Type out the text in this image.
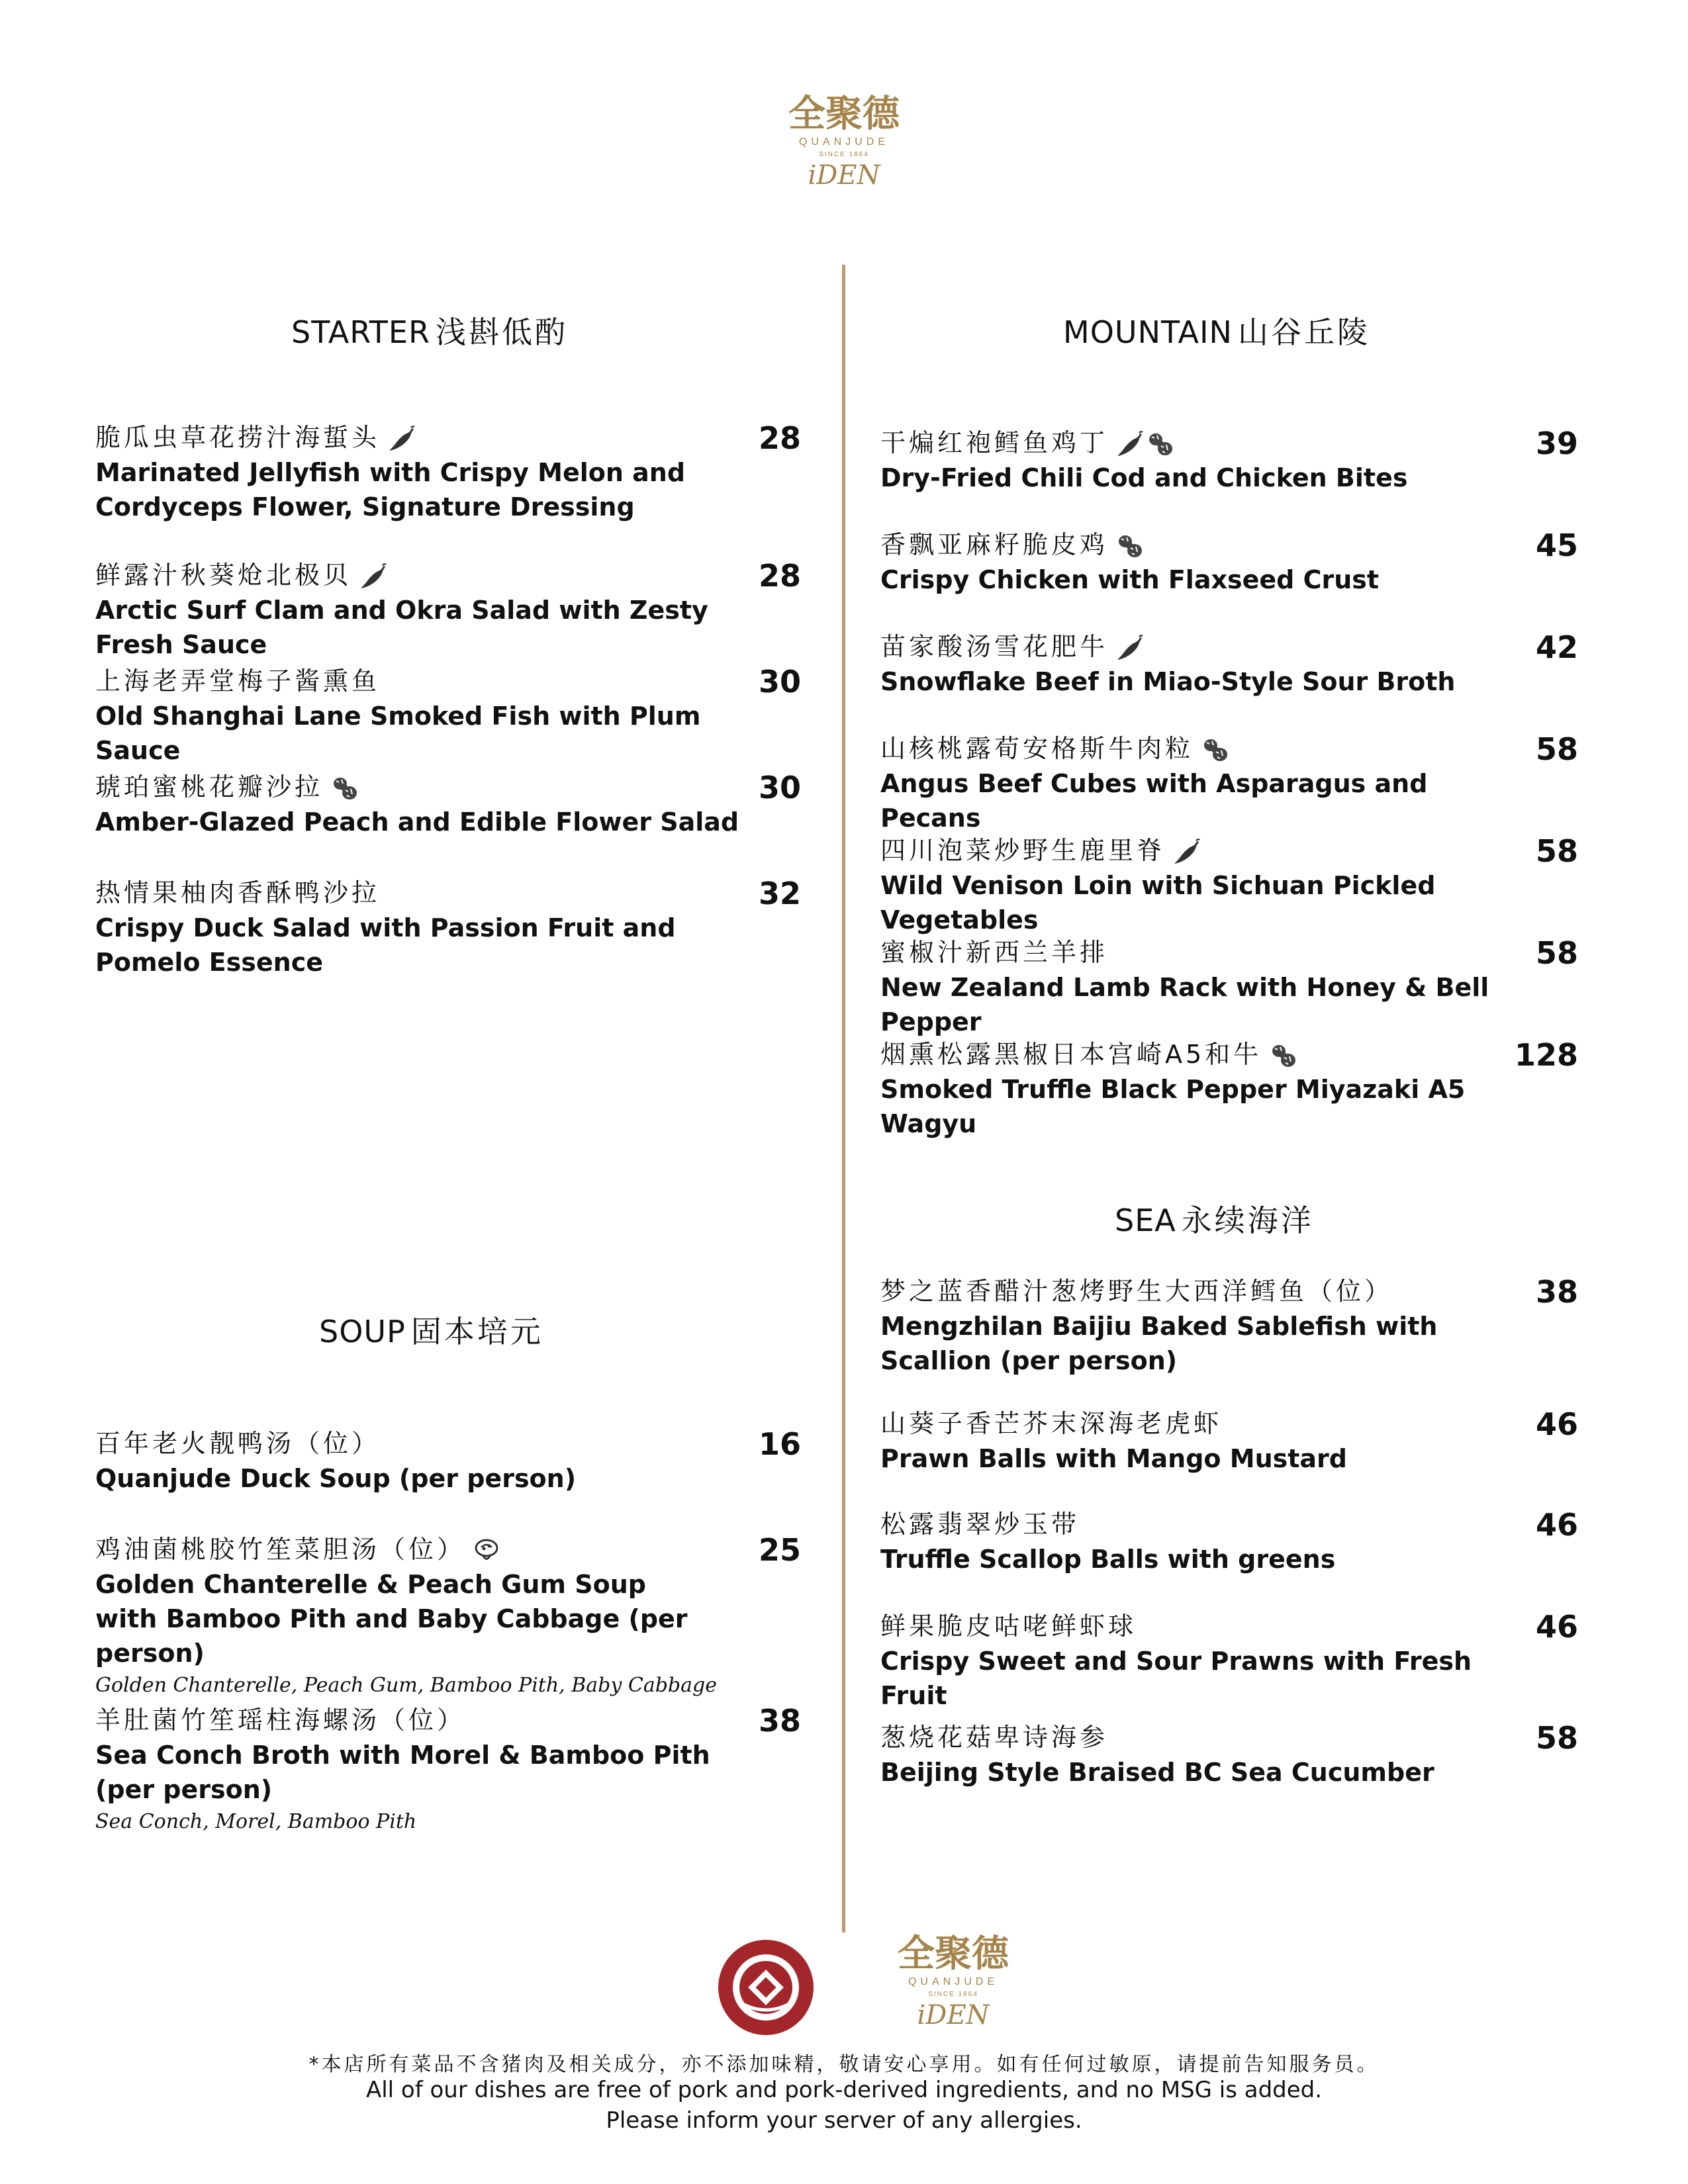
全聚德
QUANJUDE
SINCE 1864
iDEN
STARTER 浅斟低酌
脆瓜虫草花捞汁海蜇头
Marinated Jellyfish with Crispy Melon and Cordyceps Flower, Signature Dressing
28
鲜露汁秋葵炝北极贝
Arctic Surf Clam and Okra Salad with Zesty Fresh Sauce
28
上海老弄堂梅子酱熏鱼
Old Shanghai Lane Smoked Fish with Plum Sauce
30
琥珀蜜桃花瓣沙拉
Amber-Glazed Peach and Edible Flower Salad
30
热情果柚肉香酥鸭沙拉
Crispy Duck Salad with Passion Fruit and Pomelo Essence
32
SOUP 固本培元
百年老火靓鸭汤（位）
Quanjude Duck Soup (per person)
16
鸡油菌桃胶竹笙菜胆汤（位）
Golden Chanterelle & Peach Gum Soup
with Bamboo Pith and Baby Cabbage (per person)
Golden Chanterelle, Peach Gum, Bamboo Pith, Baby Cabbage
25
羊肚菌竹笙瑶柱海螺汤（位）
Sea Conch Broth with Morel & Bamboo Pith (per person)
Sea Conch, Morel, Bamboo Pith
38
MOUNTAIN 山谷丘陵
干煸红袍鳕鱼鸡丁
Dry-Fried Chili Cod and Chicken Bites
39
香飘亚麻籽脆皮鸡
Crispy Chicken with Flaxseed Crust
45
苗家酸汤雪花肥牛
Snowflake Beef in Miao-Style Sour Broth
42
山核桃露荀安格斯牛肉粒
Angus Beef Cubes with Asparagus and Pecans
58
四川泡菜炒野生鹿里脊
Wild Venison Loin with Sichuan Pickled Vegetables
58
蜜椒汁新西兰羊排
New Zealand Lamb Rack with Honey & Bell Pepper
58
烟熏松露黑椒日本宫崎A5和牛
Smoked Truffle Black Pepper Miyazaki A5 Wagyu
128
SEA 永续海洋
梦之蓝香醋汁葱烤野生大西洋鳕鱼（位）
Mengzhilan Baijiu Baked Sablefish with Scallion (per person)
38
山葵子香芒芥末深海老虎虾
Prawn Balls with Mango Mustard
46
松露翡翠炒玉带
Truffle Scallop Balls with greens
46
鲜果脆皮咕咾鲜虾球
Crispy Sweet and Sour Prawns with Fresh Fruit
46
葱烧花菇卑诗海参
Beijing Style Braised BC Sea Cucumber
58
全聚德
QUANJUDE
SINCE 1864
iDEN
*本店所有菜品不含猪肉及相关成分，亦不添加味精，敬请安心享用。如有任何过敏原，请提前告知服务员。
All of our dishes are free of pork and pork-derived ingredients, and no MSG is added.
Please inform your server of any allergies.
